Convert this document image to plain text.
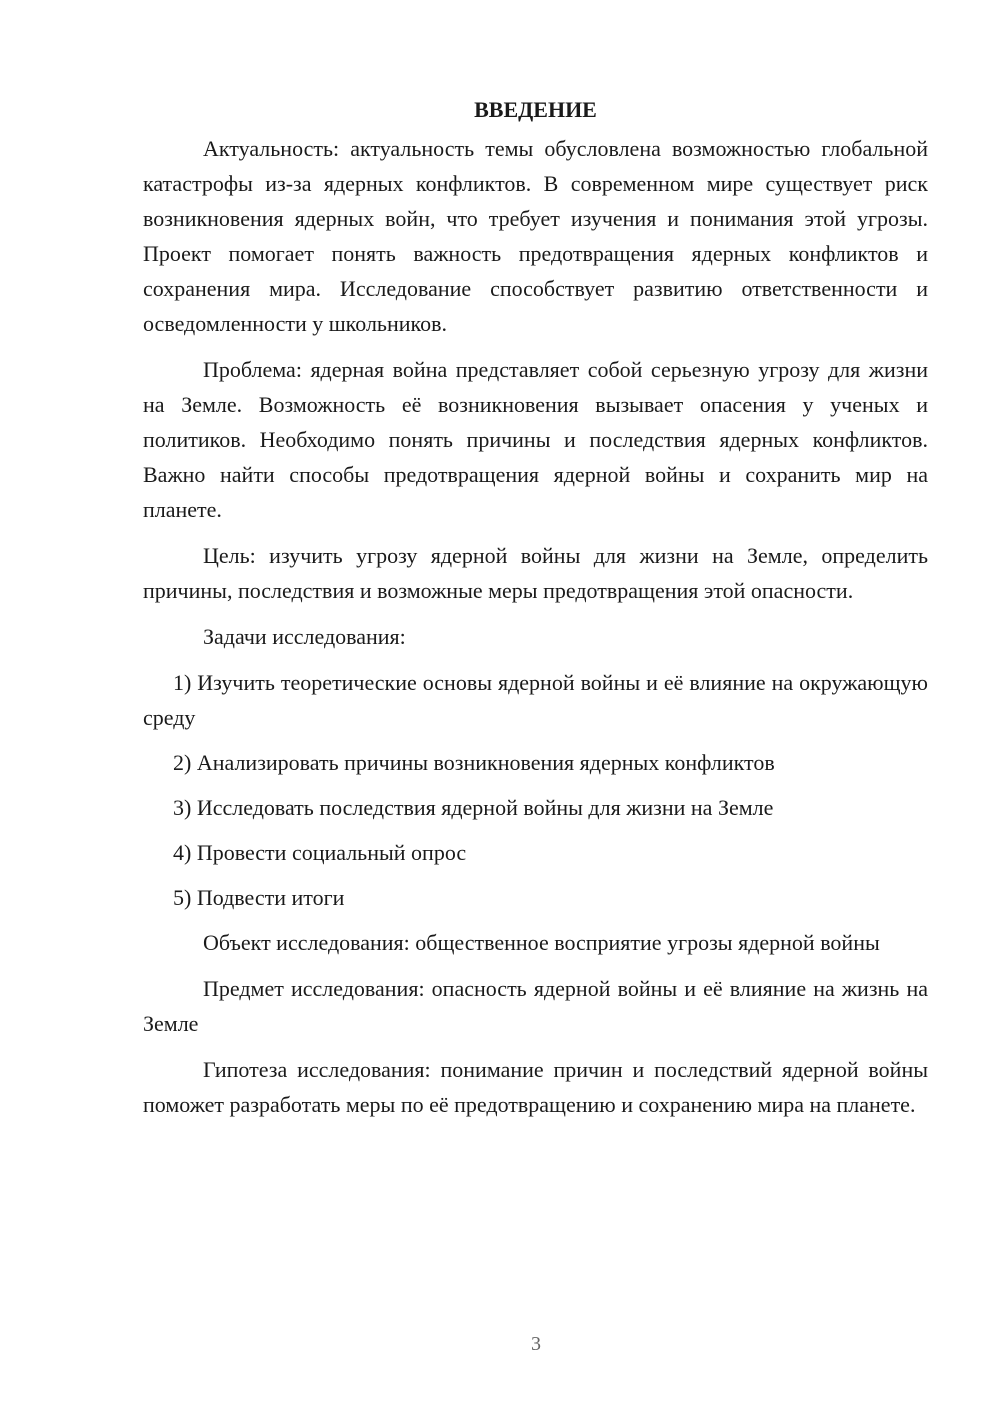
ВВЕДЕНИЕ

Актуальность: актуальность темы обусловлена возможностью глобальной катастрофы из-за ядерных конфликтов. В современном мире существует риск возникновения ядерных войн, что требует изучения и понимания этой угрозы. Проект помогает понять важность предотвращения ядерных конфликтов и сохранения мира. Исследование способствует развитию ответственности и осведомленности у школьников.

Проблема: ядерная война представляет собой серьезную угрозу для жизни на Земле. Возможность её возникновения вызывает опасения у ученых и политиков. Необходимо понять причины и последствия ядерных конфликтов. Важно найти способы предотвращения ядерной войны и сохранить мир на планете.

Цель: изучить угрозу ядерной войны для жизни на Земле, определить причины, последствия и возможные меры предотвращения этой опасности.

Задачи исследования:

1) Изучить теоретические основы ядерной войны и её влияние на окружающую среду

2) Анализировать причины возникновения ядерных конфликтов

3) Исследовать последствия ядерной войны для жизни на Земле

4) Провести социальный опрос

5) Подвести итоги

Объект исследования: общественное восприятие угрозы ядерной войны

Предмет исследования: опасность ядерной войны и её влияние на жизнь на Земле

Гипотеза исследования: понимание причин и последствий ядерной войны поможет разработать меры по её предотвращению и сохранению мира на планете.

3
